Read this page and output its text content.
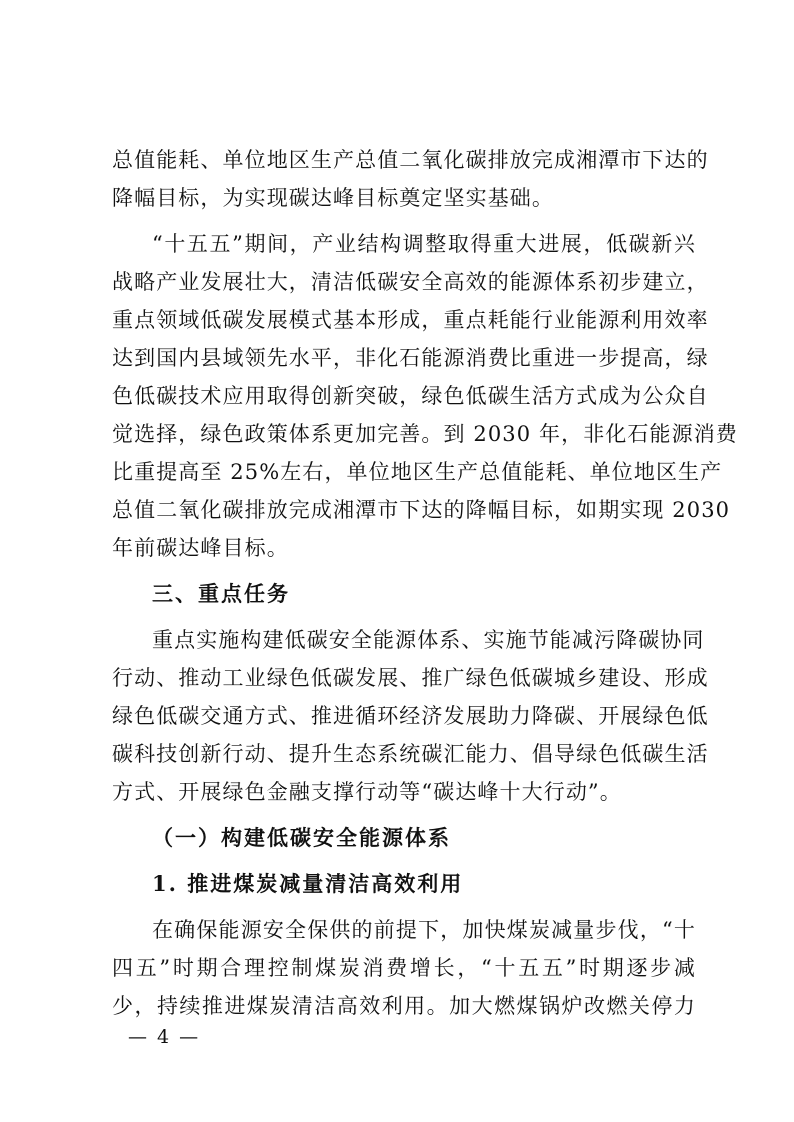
总值能耗、单位地区生产总值二氧化碳排放完成湘潭市下达的
降幅目标，为实现碳达峰目标奠定坚实基础。
“十五五”期间，产业结构调整取得重大进展，低碳新兴
战略产业发展壮大，清洁低碳安全高效的能源体系初步建立，
重点领域低碳发展模式基本形成，重点耗能行业能源利用效率
达到国内县域领先水平，非化石能源消费比重进一步提高，绿
色低碳技术应用取得创新突破，绿色低碳生活方式成为公众自
觉选择，绿色政策体系更加完善。到 2030 年，非化石能源消费
比重提高至 25%左右，单位地区生产总值能耗、单位地区生产
总值二氧化碳排放完成湘潭市下达的降幅目标，如期实现 2030
年前碳达峰目标。
三、重点任务
重点实施构建低碳安全能源体系、实施节能减污降碳协同
行动、推动工业绿色低碳发展、推广绿色低碳城乡建设、形成
绿色低碳交通方式、推进循环经济发展助力降碳、开展绿色低
碳科技创新行动、提升生态系统碳汇能力、倡导绿色低碳生活
方式、开展绿色金融支撑行动等“碳达峰十大行动”。
（一）构建低碳安全能源体系
1. 推进煤炭减量清洁高效利用
在确保能源安全保供的前提下，加快煤炭减量步伐，“十
四五”时期合理控制煤炭消费增长，“十五五”时期逐步减
少，持续推进煤炭清洁高效利用。加大燃煤锅炉改燃关停力
— 4 —
